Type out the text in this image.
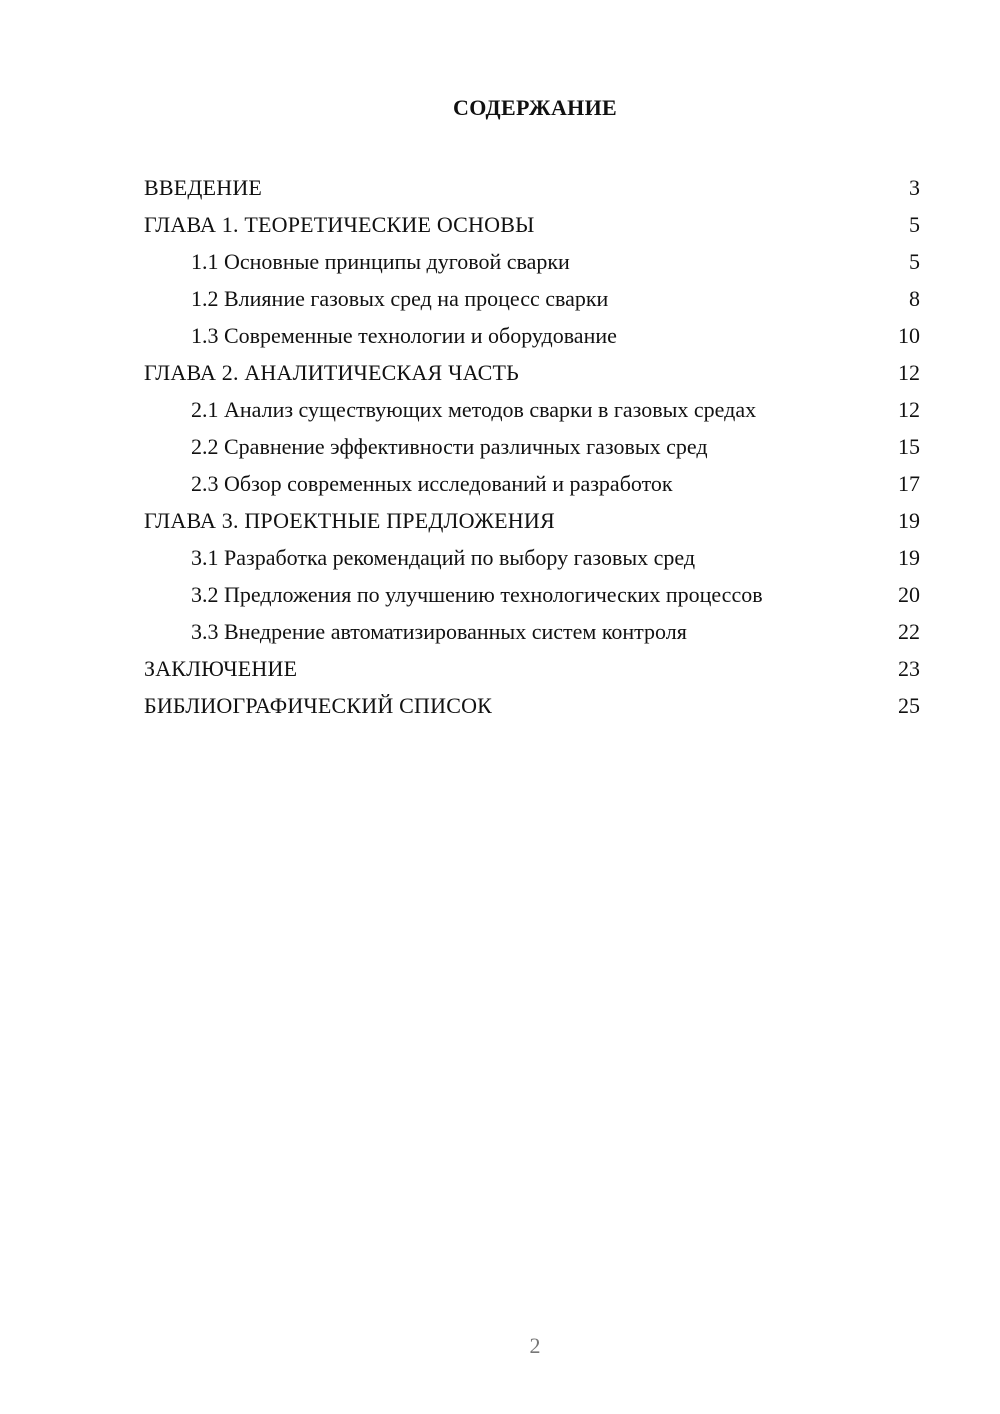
СОДЕРЖАНИЕ
ВВЕДЕНИЕ	3
ГЛАВА 1. ТЕОРЕТИЧЕСКИЕ ОСНОВЫ	5
1.1 Основные принципы дуговой сварки	5
1.2 Влияние газовых сред на процесс сварки	8
1.3 Современные технологии и оборудование	10
ГЛАВА 2. АНАЛИТИЧЕСКАЯ ЧАСТЬ	12
2.1 Анализ существующих методов сварки в газовых средах	12
2.2 Сравнение эффективности различных газовых сред	15
2.3 Обзор современных исследований и разработок	17
ГЛАВА 3. ПРОЕКТНЫЕ ПРЕДЛОЖЕНИЯ	19
3.1 Разработка рекомендаций по выбору газовых сред	19
3.2 Предложения по улучшению технологических процессов	20
3.3 Внедрение автоматизированных систем контроля	22
ЗАКЛЮЧЕНИЕ	23
БИБЛИОГРАФИЧЕСКИЙ СПИСОК	25
2
